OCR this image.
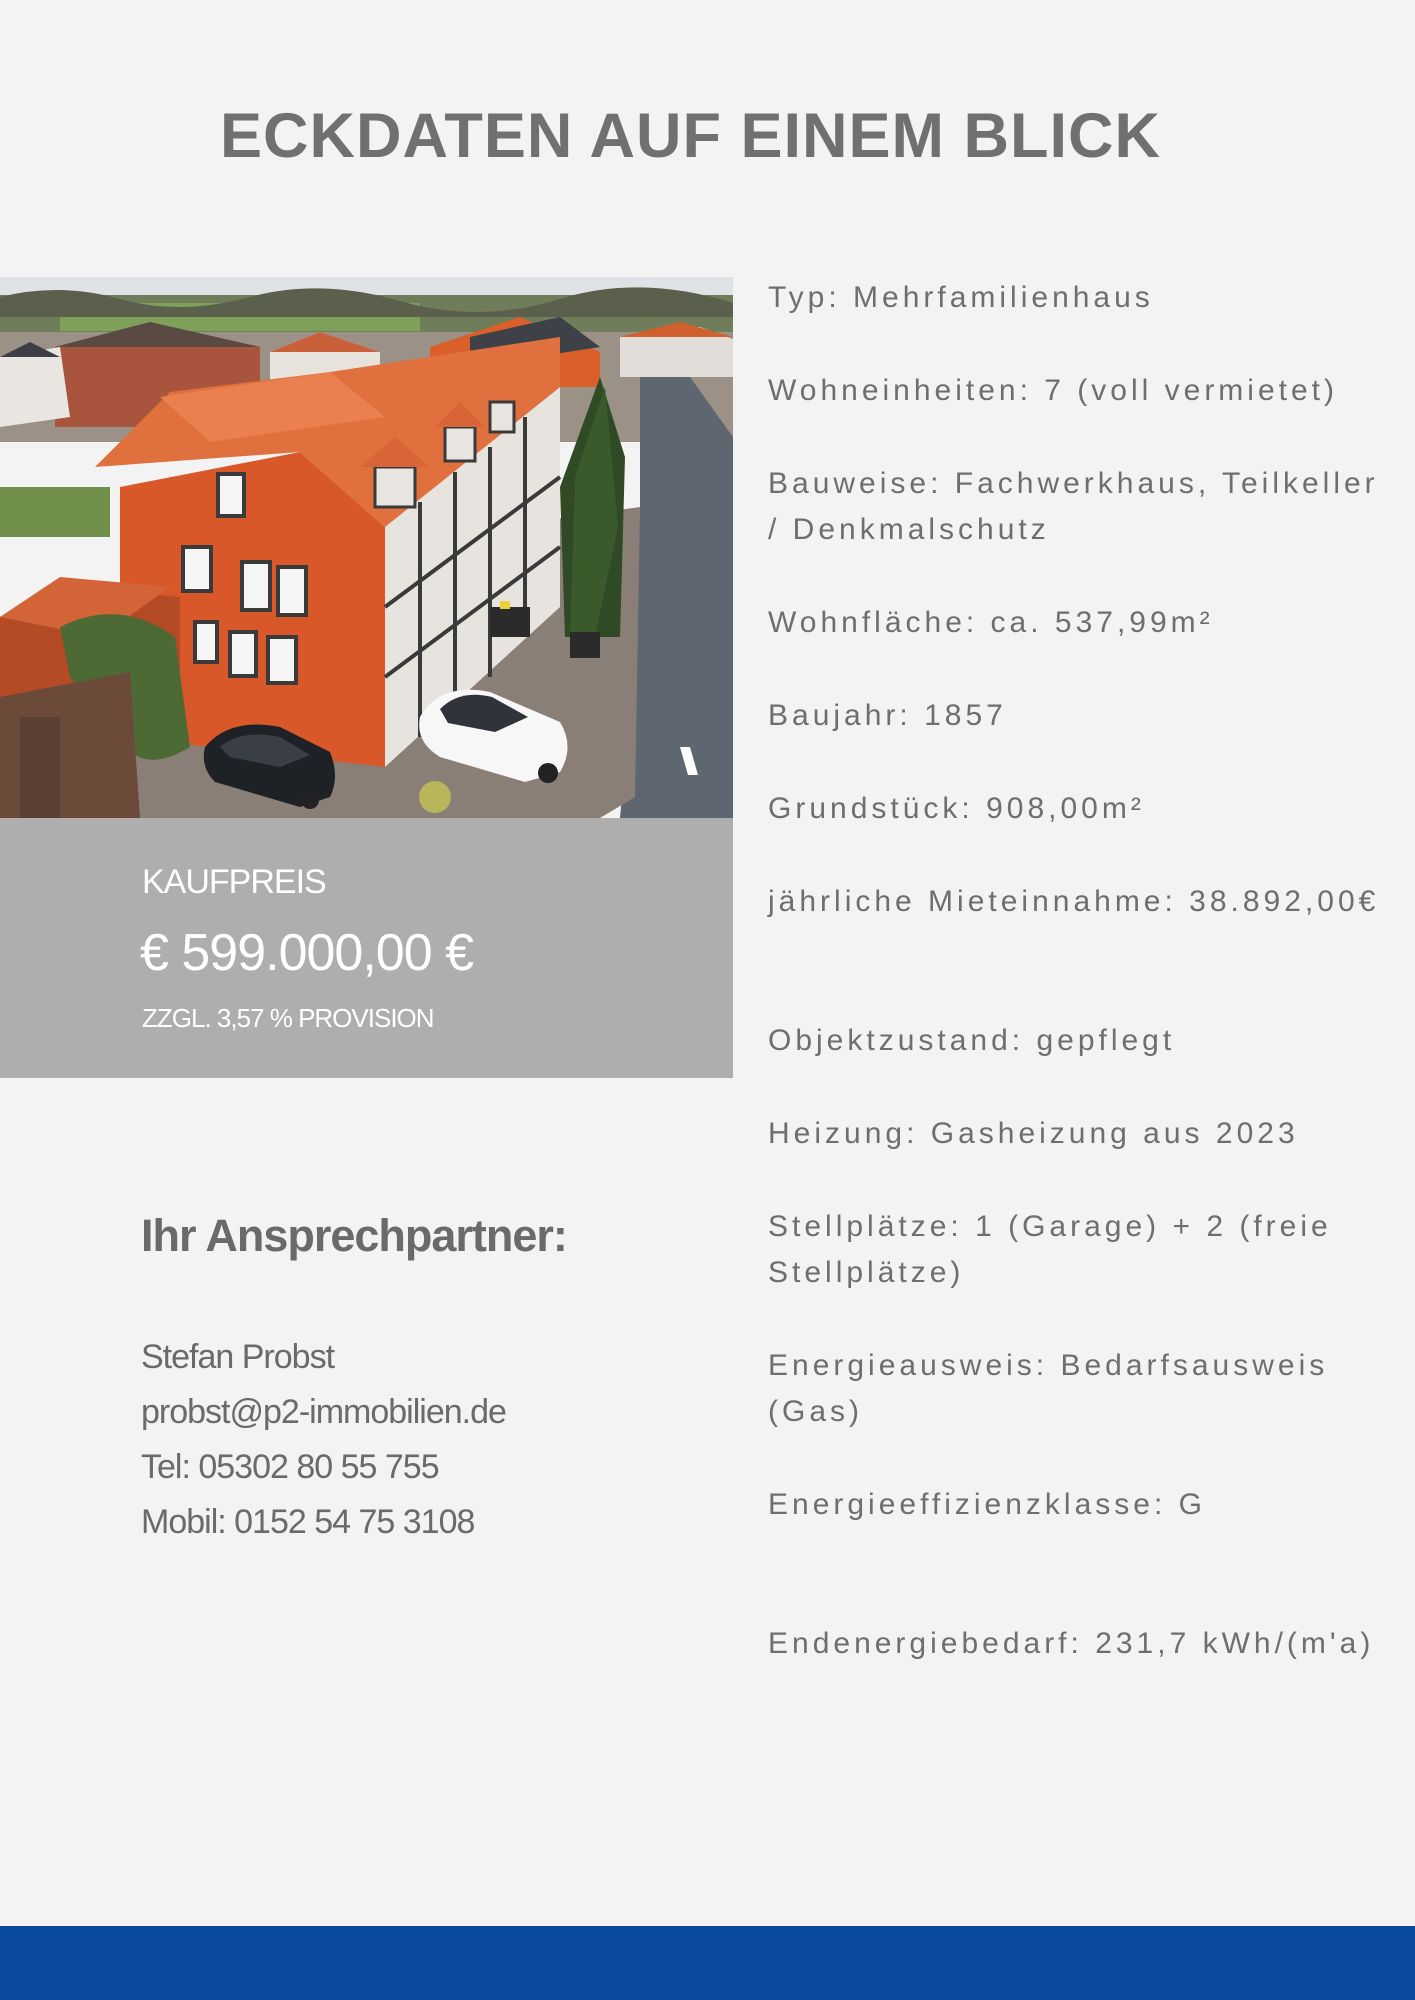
ECKDATEN AUF EINEM BLICK
KAUFPREIS
€ 599.000,00 €
ZZGL. 3,57 % PROVISION
Ihr Ansprechpartner:
Stefan Probst
probst@p2-immobilien.de
Tel: 05302 80 55 755
Mobil: 0152 54 75 3108
Typ: Mehrfamilienhaus
Wohneinheiten: 7 (voll vermietet)
Bauweise: Fachwerkhaus, Teilkeller / Denkmalschutz
Wohnfläche: ca. 537,99m²
Baujahr: 1857
Grundstück: 908,00m²
jährliche Mieteinnahme: 38.892,00€
Objektzustand: gepflegt
Heizung: Gasheizung aus 2023
Stellplätze: 1 (Garage) + 2 (freie Stellplätze)
Energieausweis: Bedarfsausweis (Gas)
Energieeffizienzklasse: G
Endenergiebedarf: 231,7 kWh/(m'a)
